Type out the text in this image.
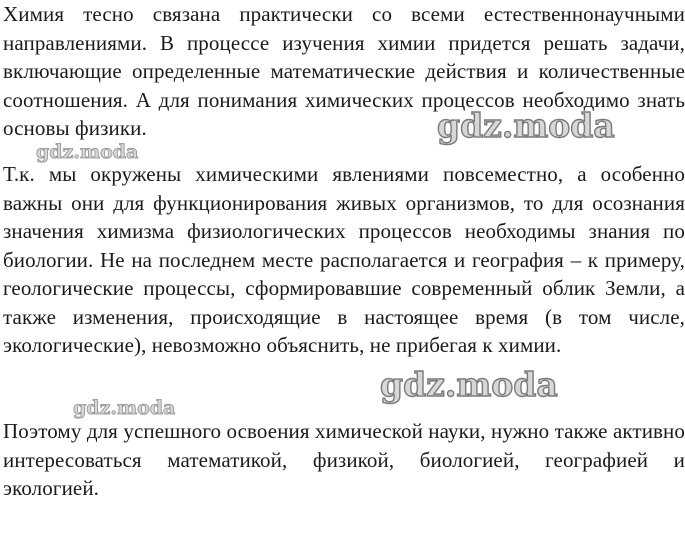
Химия тесно связана практически со всеми естественнонаучными направлениями. В процессе изучения химии придется решать задачи, включающие определенные математические действия и количественные соотношения. А для понимания химических процессов необходимо знать основы физики.

Т.к. мы окружены химическими явлениями повсеместно, а особенно важны они для функционирования живых организмов, то для осознания значения химизма физиологических процессов необходимы знания по биологии. Не на последнем месте располагается и география – к примеру, геологические процессы, сформировавшие современный облик Земли, а также изменения, происходящие в настоящее время (в том числе, экологические), невозможно объяснить, не прибегая к химии.

Поэтому для успешного освоения химической науки, нужно также активно интересоваться математикой, физикой, биологией, географией и экологией.

gdz.moda
gdz.moda
gdz.moda
gdz.moda
